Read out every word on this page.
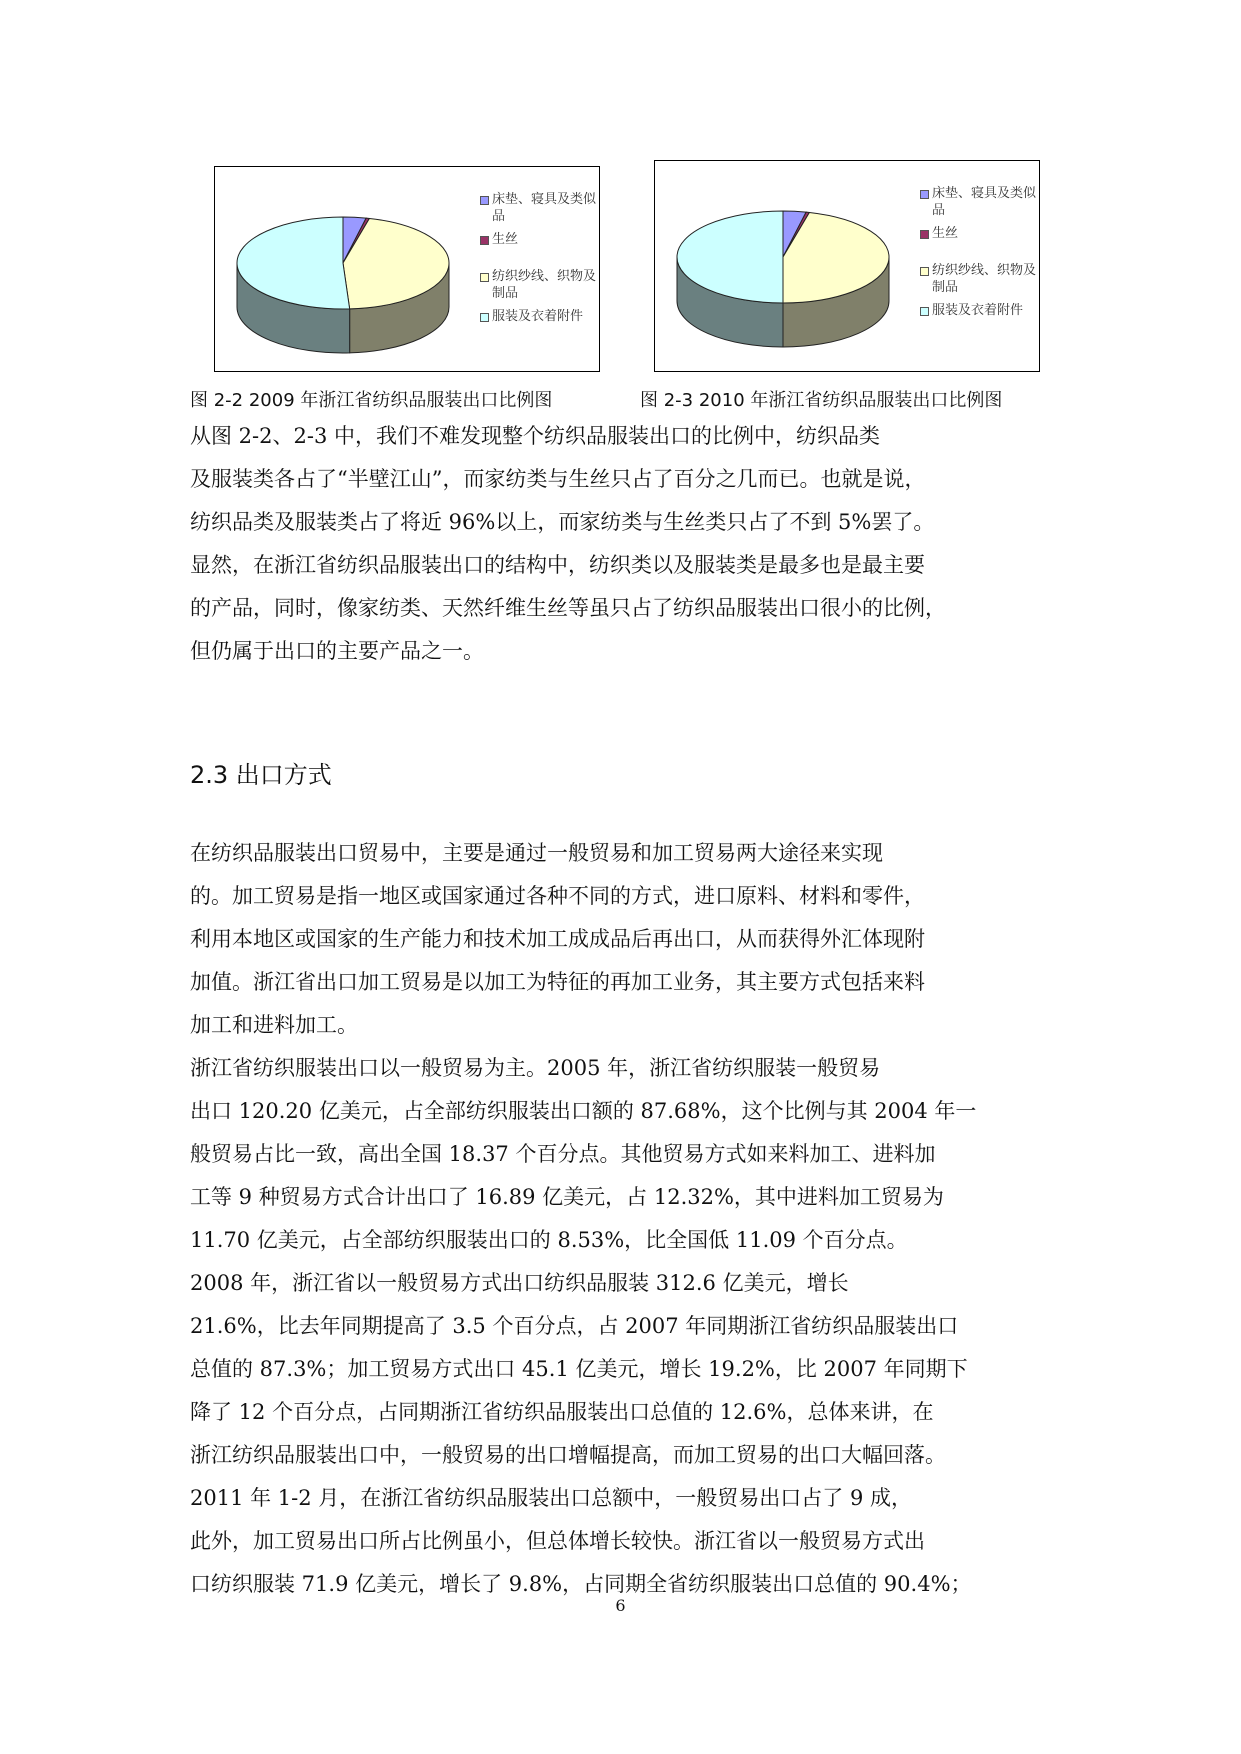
床垫、寝具及类似
品
生丝
纺织纱线、织物及
制品
服装及衣着附件
床垫、寝具及类似
品
生丝
纺织纱线、织物及
制品
服装及衣着附件
图 2-2 2009 年浙江省纺织品服装出口比例图	图 2-3 2010 年浙江省纺织品服装出口比例图
从图 2-2、2-3 中，我们不难发现整个纺织品服装出口的比例中，纺织品类
及服装类各占了“半壁江山”，而家纺类与生丝只占了百分之几而已。也就是说，
纺织品类及服装类占了将近 96%以上，而家纺类与生丝类只占了不到 5%罢了。
显然，在浙江省纺织品服装出口的结构中，纺织类以及服装类是最多也是最主要
的产品，同时，像家纺类、天然纤维生丝等虽只占了纺织品服装出口很小的比例，
但仍属于出口的主要产品之一。
2.3 出口方式
在纺织品服装出口贸易中，主要是通过一般贸易和加工贸易两大途径来实现
的。加工贸易是指一地区或国家通过各种不同的方式，进口原料、材料和零件，
利用本地区或国家的生产能力和技术加工成成品后再出口，从而获得外汇体现附
加值。浙江省出口加工贸易是以加工为特征的再加工业务，其主要方式包括来料
加工和进料加工。
浙江省纺织服装出口以一般贸易为主。2005 年，浙江省纺织服装一般贸易
出口 120.20 亿美元，占全部纺织服装出口额的 87.68%，这个比例与其 2004 年一
般贸易占比一致，高出全国 18.37 个百分点。其他贸易方式如来料加工、进料加
工等 9 种贸易方式合计出口了 16.89 亿美元，占 12.32%，其中进料加工贸易为
11.70 亿美元，占全部纺织服装出口的 8.53%，比全国低 11.09 个百分点。
2008 年，浙江省以一般贸易方式出口纺织品服装 312.6 亿美元，增长
21.6%，比去年同期提高了 3.5 个百分点，占 2007 年同期浙江省纺织品服装出口
总值的 87.3%；加工贸易方式出口 45.1 亿美元，增长 19.2%，比 2007 年同期下
降了 12 个百分点，占同期浙江省纺织品服装出口总值的 12.6%，总体来讲，在
浙江纺织品服装出口中，一般贸易的出口增幅提高，而加工贸易的出口大幅回落。
2011 年 1-2 月，在浙江省纺织品服装出口总额中，一般贸易出口占了 9 成，
此外，加工贸易出口所占比例虽小，但总体增长较快。浙江省以一般贸易方式出
口纺织服装 71.9 亿美元，增长了 9.8%，占同期全省纺织服装出口总值的 90.4%；
6
